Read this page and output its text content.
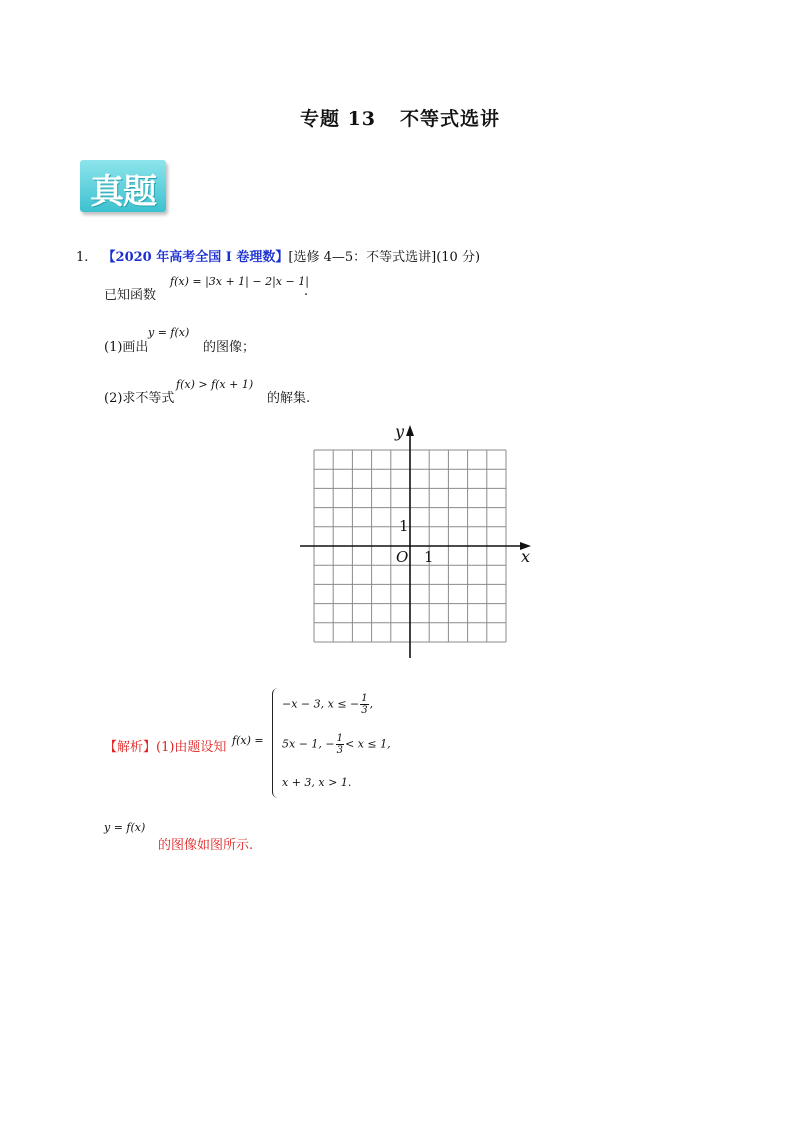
专题 13 不等式选讲
真题
1. 【2020 年高考全国 I 卷理数】[选修 4—5：不等式选讲](10 分)
已知函数
f(x) = |3x + 1| − 2|x − 1|
.
(1)画出
y = f(x)
的图像；
(2)求不等式
f(x) > f(x + 1)
的解集.
y
x
O 1
1
【解析】(1)由题设知 f(x) =
−x − 3, x ≤ − $\frac{1}{3}$ ,
5x − 1, − $\frac{1}{3} < x \le 1$,
x + 3, x > 1.
y = f(x)
的图像如图所示.
